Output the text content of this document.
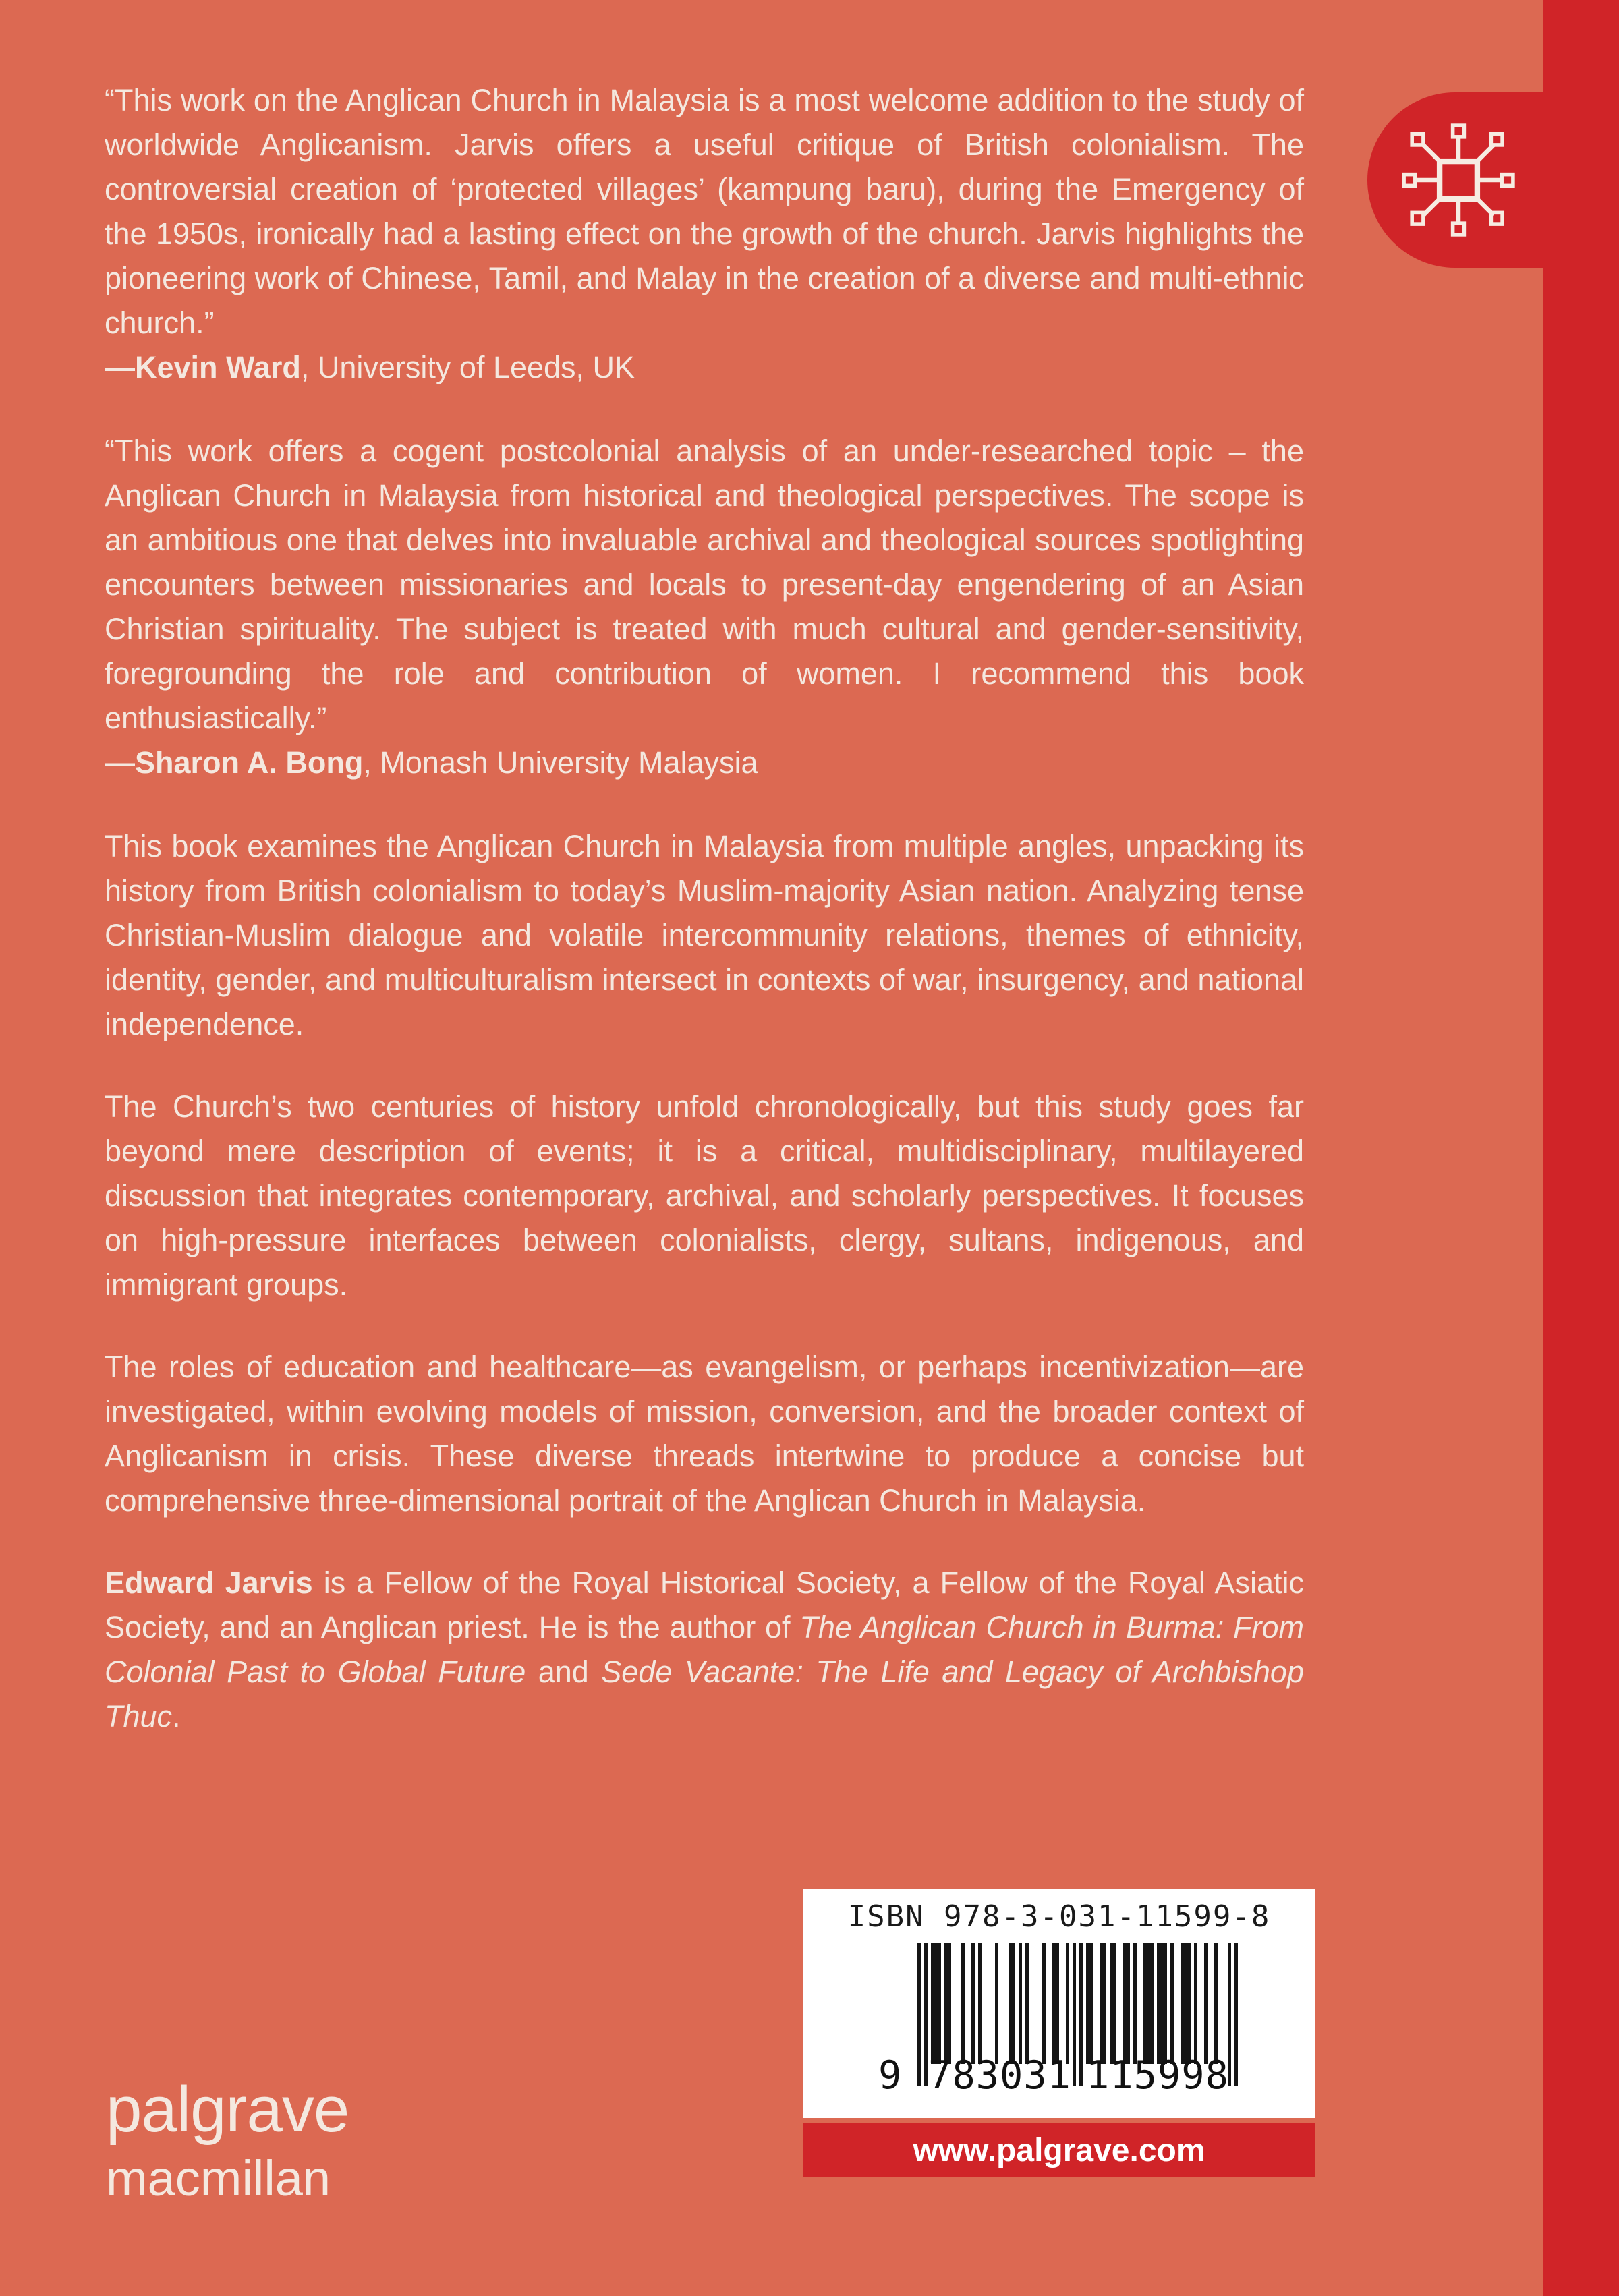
“This work on the Anglican Church in Malaysia is a most welcome addition to the study of worldwide Anglicanism. Jarvis offers a useful critique of British colonialism. The controversial creation of ‘protected villages’ (kampung baru), during the Emergency of the 1950s, ironically had a lasting effect on the growth of the church. Jarvis highlights the pioneering work of Chinese, Tamil, and Malay in the creation of a diverse and multi-ethnic church.”

—Kevin Ward, University of Leeds, UK

“This work offers a cogent postcolonial analysis of an under-researched topic – the Anglican Church in Malaysia from historical and theological perspectives. The scope is an ambitious one that delves into invaluable archival and theological sources spotlighting encounters between missionaries and locals to present-day engendering of an Asian Christian spirituality. The subject is treated with much cultural and gender-sensitivity, foregrounding the role and contribution of women. I recommend this book enthusiastically.”

—Sharon A. Bong, Monash University Malaysia

This book examines the Anglican Church in Malaysia from multiple angles, unpacking its history from British colonialism to today’s Muslim-majority Asian nation. Analyzing tense Christian-Muslim dialogue and volatile intercommunity relations, themes of ethnicity, identity, gender, and multiculturalism intersect in contexts of war, insurgency, and national independence.

The Church’s two centuries of history unfold chronologically, but this study goes far beyond mere description of events; it is a critical, multidisciplinary, multilayered discussion that integrates contemporary, archival, and scholarly perspectives. It focuses on high-pressure interfaces between colonialists, clergy, sultans, indigenous, and immigrant groups.

The roles of education and healthcare—as evangelism, or perhaps incentivization—are investigated, within evolving models of mission, conversion, and the broader context of Anglicanism in crisis. These diverse threads intertwine to produce a concise but comprehensive three-dimensional portrait of the Anglican Church in Malaysia.

Edward Jarvis is a Fellow of the Royal Historical Society, a Fellow of the Royal Asiatic Society, and an Anglican priest. He is the author of The Anglican Church in Burma: From Colonial Past to Global Future and Sede Vacante: The Life and Legacy of Archbishop Thuc.

ISBN 978-3-031-11599-8
9 783031 115998
www.palgrave.com
palgrave
macmillan
